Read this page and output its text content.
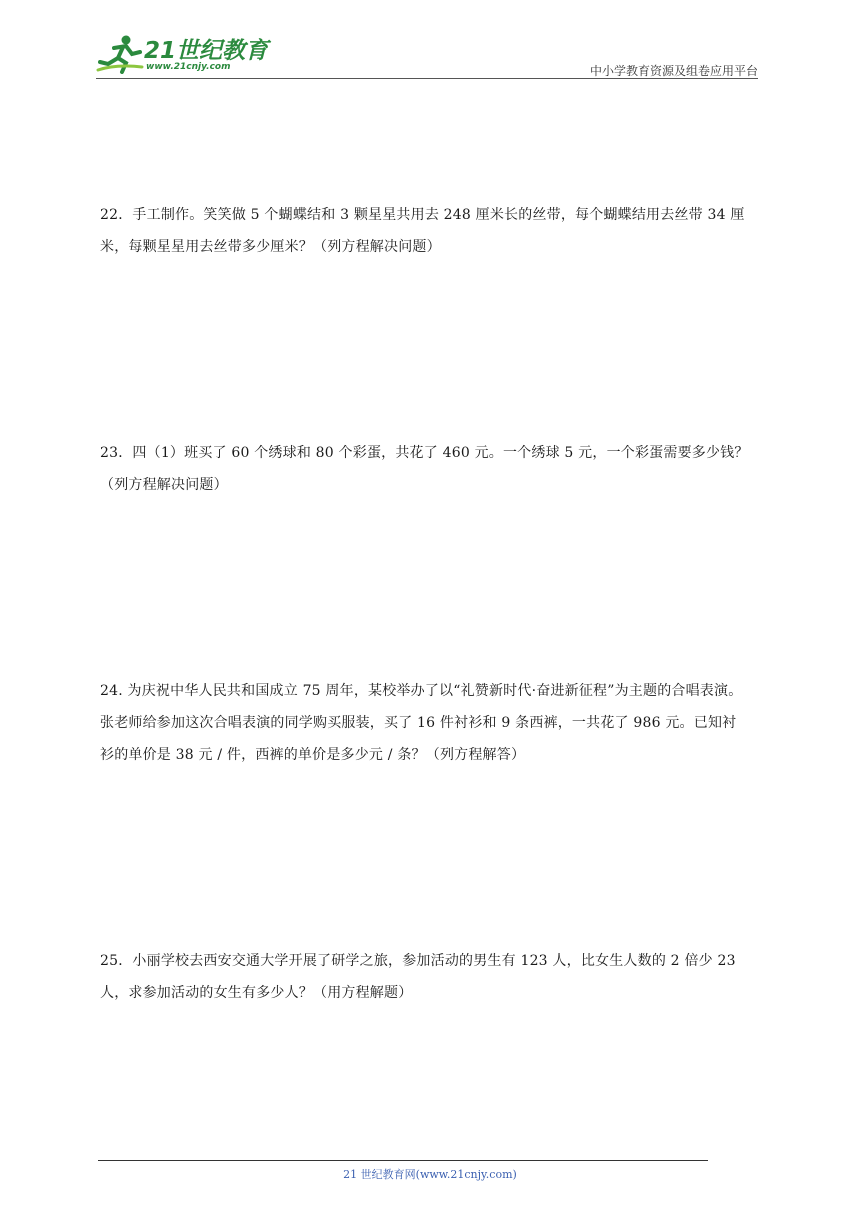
21世纪教育
www.21cnjy.com	中小学教育资源及组卷应用平台

22．手工制作。笑笑做 5 个蝴蝶结和 3 颗星星共用去 248 厘米长的丝带，每个蝴蝶结用去丝带 34 厘

米，每颗星星用去丝带多少厘米？（列方程解决问题）

23．四（1）班买了 60 个绣球和 80 个彩蛋，共花了 460 元。一个绣球 5 元，一个彩蛋需要多少钱？

（列方程解决问题）

24. 为庆祝中华人民共和国成立 75 周年，某校举办了以“礼赞新时代·奋进新征程”为主题的合唱表演。

张老师给参加这次合唱表演的同学购买服装，买了 16 件衬衫和 9 条西裤，一共花了 986 元。已知衬

衫的单价是 38 元 / 件，西裤的单价是多少元 / 条？（列方程解答）

25．小丽学校去西安交通大学开展了研学之旅，参加活动的男生有 123 人，比女生人数的 2 倍少 23

人，求参加活动的女生有多少人？（用方程解题）

21 世纪教育网(www.21cnjy.com)
